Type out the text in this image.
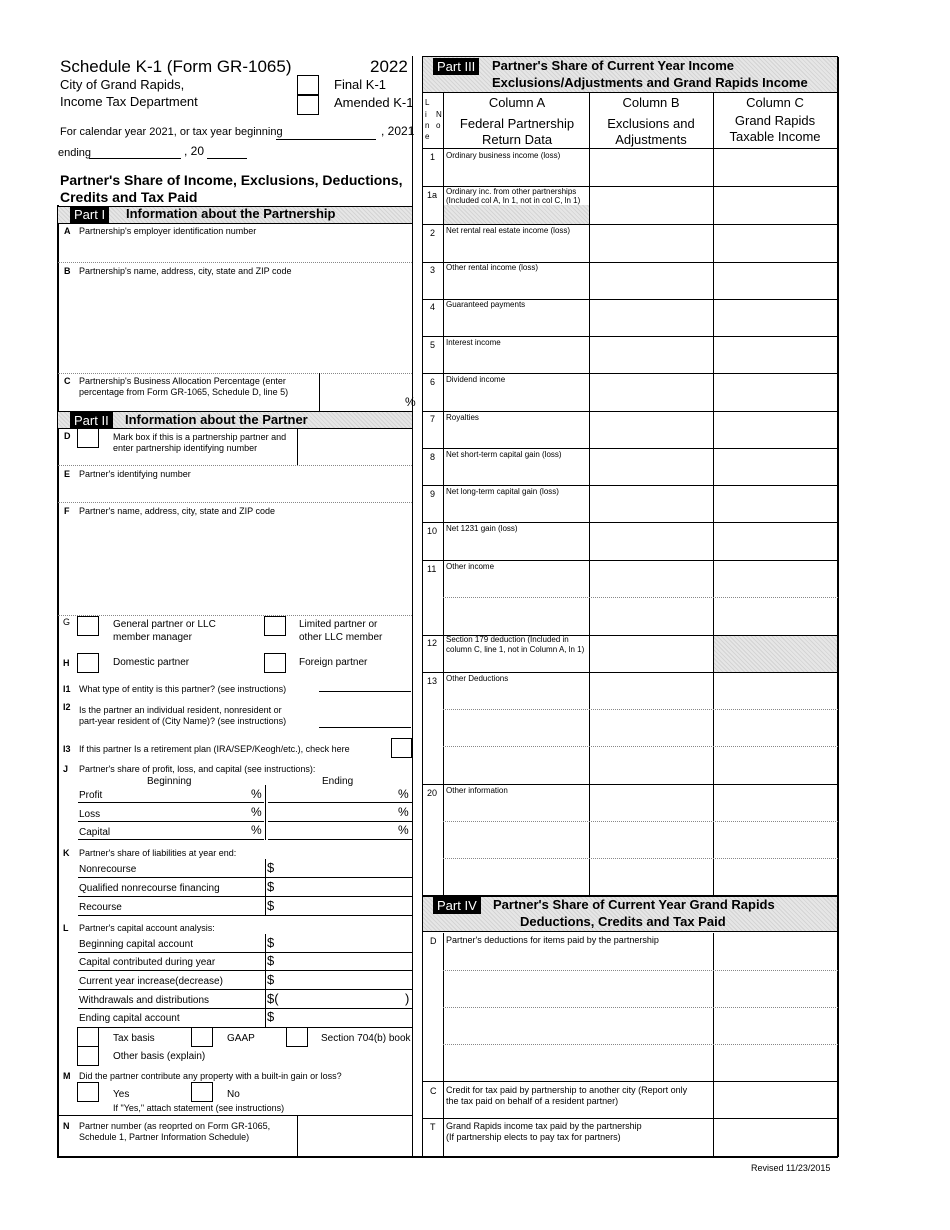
Schedule K-1 (Form GR-1065)	2022
City of Grand Rapids,
Income Tax Department
Final K-1
Amended K-1
For calendar year 2021, or tax year beginning	, 2021
ending	, 20
Partner's Share of Income, Exclusions, Deductions,
Credits and Tax Paid
Part I	Information about the Partnership
A Partnership's employer identification number
B Partnership's name, address, city, state and ZIP code
C Partnership's Business Allocation Percentage (enter
percentage from Form GR-1065, Schedule D, line 5)
%
Part II	Information about the Partner
D	Mark box if this is a partnership partner and
enter partnership identifying number
E Partner's identifying number
F Partner's name, address, city, state and ZIP code
G	General partner or LLC
member manager
Limited partner or
other LLC member
H	Domestic partner	Foreign partner
I1 What type of entity is this partner? (see instructions)
I2 Is the partner an individual resident, nonresident or
part-year resident of (City Name)? (see instructions)
I3 If this partner Is a retirement plan (IRA/SEP/Keogh/etc.), check here
J Partner's share of profit, loss, and capital (see instructions):
Beginning	Ending
Profit	%	%
Loss	%	%
Capital	%	%
K Partner's share of liabilities at year end:
Nonrecourse	$
Qualified nonrecourse financing	$
Recourse	$
L Partner's capital account analysis:
Beginning capital account	$
Capital contributed during year	$
Current year increase(decrease)	$
Withdrawals and distributions	$(	)
Ending capital account	$
Tax basis	GAAP	Section 704(b) book
Other basis (explain)
M Did the partner contribute any property with a built-in gain or loss?
Yes	No
If "Yes," attach statement (see instructions)
N Partner number (as reoprted on Form GR-1065,
Schedule 1, Partner Information Schedule)
Part III	Partner's Share of Current Year Income
Exclusions/Adjustments and Grand Rapids Income
L
i
n
e
N
o
Column A
Federal Partnership
Return Data
Column B
Exclusions and
Adjustments
Column C
Grand Rapids
Taxable Income
1 Ordinary business income (loss)
1a Ordinary inc. from other partnerships
(Included col A, ln 1, not in col C, ln 1)
2 Net rental real estate income (loss)
3 Other rental income (loss)
4 Guaranteed payments
5 Interest income
6 Dividend income
7 Royalties
8 Net short-term capital gain (loss)
9 Net long-term capital gain (loss)
10 Net 1231 gain (loss)
11 Other income
12 Section 179 deduction (Included in
column C, line 1, not in Column A, ln 1)
13 Other Deductions
20 Other information
Part IV	Partner's Share of Current Year Grand Rapids
Deductions, Credits and Tax Paid
D Partner's deductions for items paid by the partnership
C Credit for tax paid by partnership to another city (Report only
the tax paid on behalf of a resident partner)
T Grand Rapids income tax paid by the partnership
(If partnership elects to pay tax for partners)
Revised 11/23/2015
